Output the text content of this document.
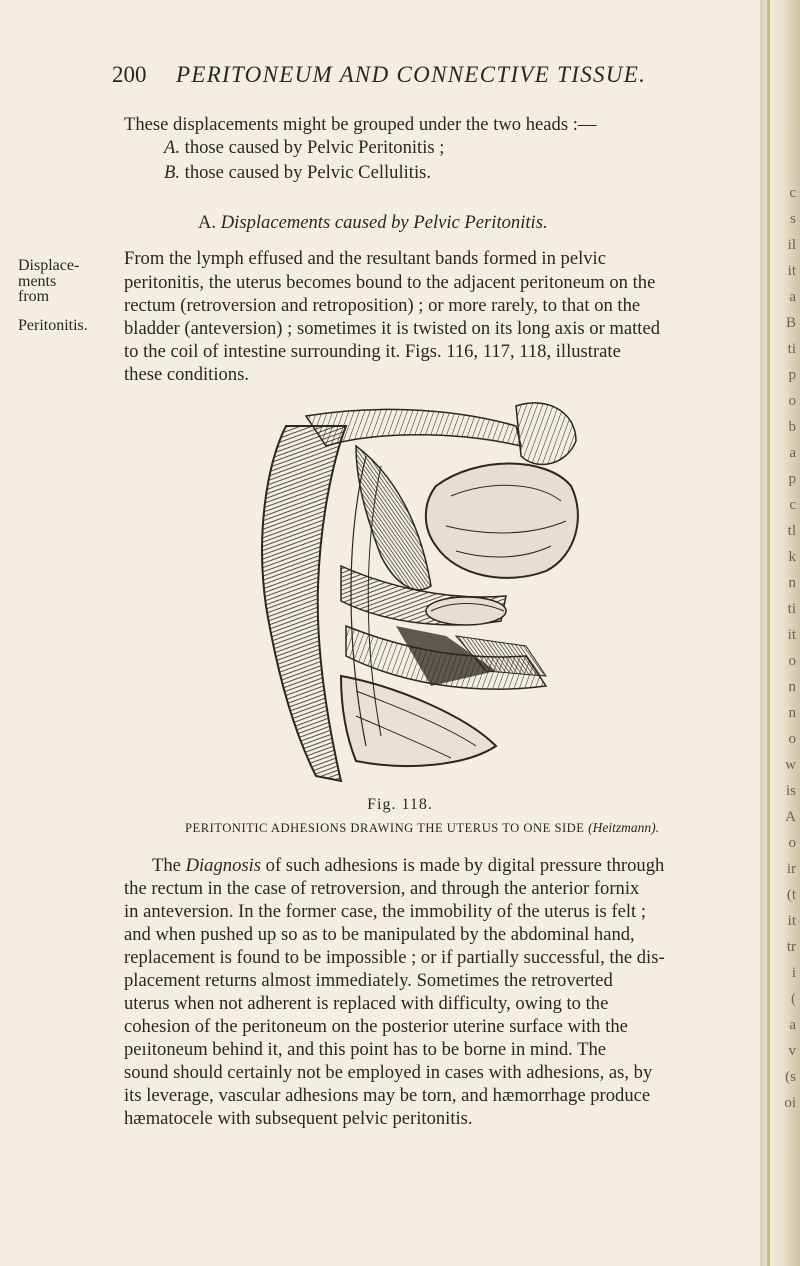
c
s
il
it
a
B
ti
p
o
b
a
p
c
tl
k
n
ti
it
o
n
n
o
w
is
A
o
ir
(t
it
tr
i
(
a
v
(s
oi
200 PERITONEUM AND CONNECTIVE TISSUE.
These displacements might be grouped under the two heads :—
A. those caused by Pelvic Peritonitis ;
B. those caused by Pelvic Cellulitis.
A. Displacements caused by Pelvic Peritonitis.
Displace-
ments
from
Peritonitis.
From the lymph effused and the resultant bands formed in pelvic
peritonitis, the uterus becomes bound to the adjacent peritoneum on the
rectum (retroversion and retroposition) ; or more rarely, to that on the
bladder (anteversion) ; sometimes it is twisted on its long axis or matted
to the coil of intestine surrounding it. Figs. 116, 117, 118, illustrate
these conditions.
Fig. 118.
PERITONITIC ADHESIONS DRAWING THE UTERUS TO ONE SIDE (Heitzmann).
The Diagnosis of such adhesions is made by digital pressure through
the rectum in the case of retroversion, and through the anterior fornix
in anteversion. In the former case, the immobility of the uterus is felt ;
and when pushed up so as to be manipulated by the abdominal hand,
replacement is found to be impossible ; or if partially successful, the dis-
placement returns almost immediately. Sometimes the retroverted
uterus when not adherent is replaced with difficulty, owing to the
cohesion of the peritoneum on the posterior uterine surface with the
peıitoneum behind it, and this point has to be borne in mind. The
sound should certainly not be employed in cases with adhesions, as, by
its leverage, vascular adhesions may be torn, and hæmorrhage produce
hæmatocele with subsequent pelvic peritonitis.
